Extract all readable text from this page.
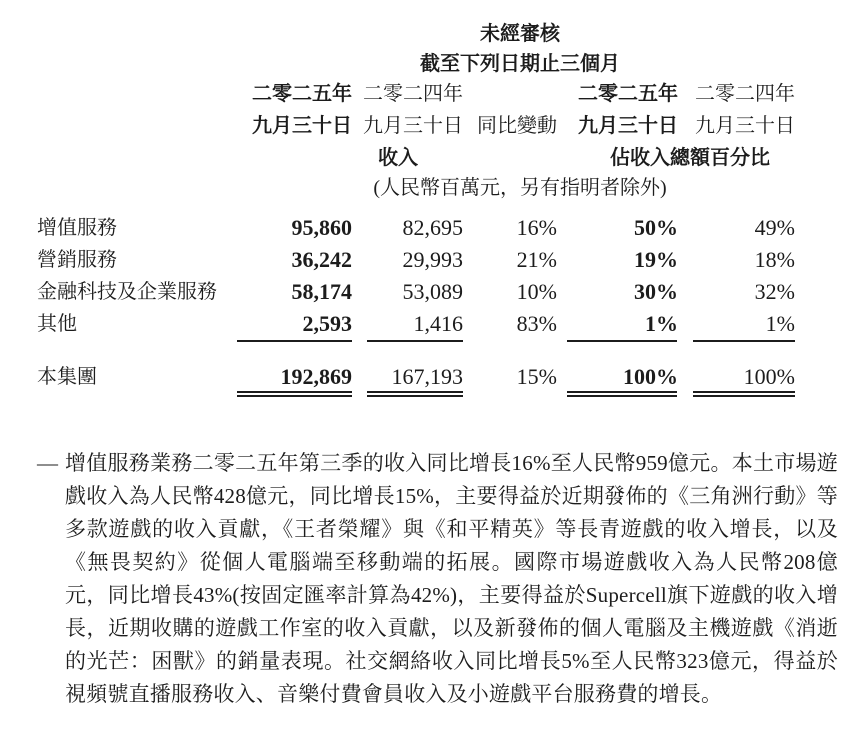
未經審核
截至下列日期止三個月
二零二五年 二零二四年	二零二五年 二零二四年
九月三十日 九月三十日 同比變動	九月三十日 九月三十日
收入	佔收入總額百分比
(人民幣百萬元，另有指明者除外)
增值服務	95,860	82,695	16%	50%	49%
營銷服務	36,242	29,993	21%	19%	18%
金融科技及企業服務	58,174	53,089	10%	30%	32%
其他	2,593	1,416	83%	1%	1%
本集團	192,869	167,193	15%	100%	100%
— 增值服務業務二零二五年第三季的收入同比增長16%至人民幣959億元。本土市場遊戲收入為人民幣428億元，同比增長15%，主要得益於近期發佈的《三角洲行動》等多款遊戲的收入貢獻，《王者榮耀》與《和平精英》等長青遊戲的收入增長，以及《無畏契約》從個人電腦端至移動端的拓展。國際市場遊戲收入為人民幣208億元，同比增長43%(按固定匯率計算為42%)，主要得益於Supercell旗下遊戲的收入增長，近期收購的遊戲工作室的收入貢獻，以及新發佈的個人電腦及主機遊戲《消逝的光芒：困獸》的銷量表現。社交網絡收入同比增長5%至人民幣323億元，得益於視頻號直播服務收入、音樂付費會員收入及小遊戲平台服務費的增長。
